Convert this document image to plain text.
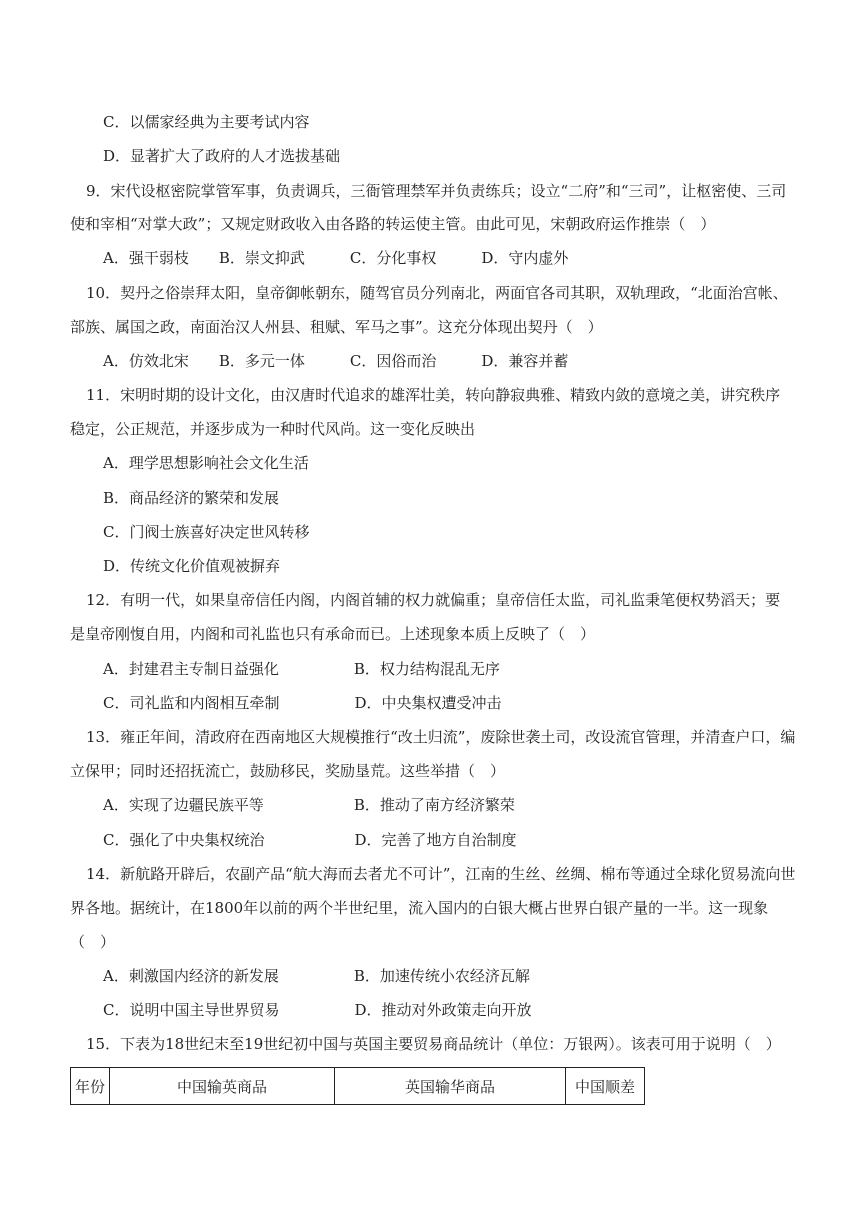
C．以儒家经典为主要考试内容
D．显著扩大了政府的人才选拔基础
9．宋代设枢密院掌管军事，负责调兵，三衙管理禁军并负责练兵；设立“二府”和“三司”，让枢密使、三司
使和宰相“对掌大政”；又规定财政收入由各路的转运使主管。由此可见，宋朝政府运作推崇（　）
A．强干弱枝　　B．崇文抑武　　　C．分化事权　　　D．守内虚外
10．契丹之俗崇拜太阳，皇帝御帐朝东，随驾官员分列南北，两面官各司其职，双轨理政，“北面治宫帐、
部族、属国之政，南面治汉人州县、租赋、军马之事”。这充分体现出契丹（　）
A．仿效北宋　　B．多元一体　　　C．因俗而治　　　D．兼容并蓄
11．宋明时期的设计文化，由汉唐时代追求的雄浑壮美，转向静寂典雅、精致内敛的意境之美，讲究秩序
稳定，公正规范，并逐步成为一种时代风尚。这一变化反映出
A．理学思想影响社会文化生活
B．商品经济的繁荣和发展
C．门阀士族喜好决定世风转移
D．传统文化价值观被摒弃
12．有明一代，如果皇帝信任内阁，内阁首辅的权力就偏重；皇帝信任太监，司礼监秉笔便权势滔天；要
是皇帝刚愎自用，内阁和司礼监也只有承命而已。上述现象本质上反映了（　）
A．封建君主专制日益强化　　　　　B．权力结构混乱无序
C．司礼监和内阁相互牵制　　　　　D．中央集权遭受冲击
13．雍正年间，清政府在西南地区大规模推行“改土归流”，废除世袭土司，改设流官管理，并清查户口，编
立保甲；同时还招抚流亡，鼓励移民，奖励垦荒。这些举措（　）
A．实现了边疆民族平等　　　　　　B．推动了南方经济繁荣
C．强化了中央集权统治　　　　　　D．完善了地方自治制度
14．新航路开辟后，农副产品“航大海而去者尤不可计”，江南的生丝、丝绸、棉布等通过全球化贸易流向世
界各地。据统计，在1800年以前的两个半世纪里，流入国内的白银大概占世界白银产量的一半。这一现象
（　）
A．刺激国内经济的新发展　　　　　B．加速传统小农经济瓦解
C．说明中国主导世界贸易　　　　　D．推动对外政策走向开放
15．下表为18世纪末至19世纪初中国与英国主要贸易商品统计（单位：万银两）。该表可用于说明（　）
年份	中国输英商品	英国输华商品	中国顺差
